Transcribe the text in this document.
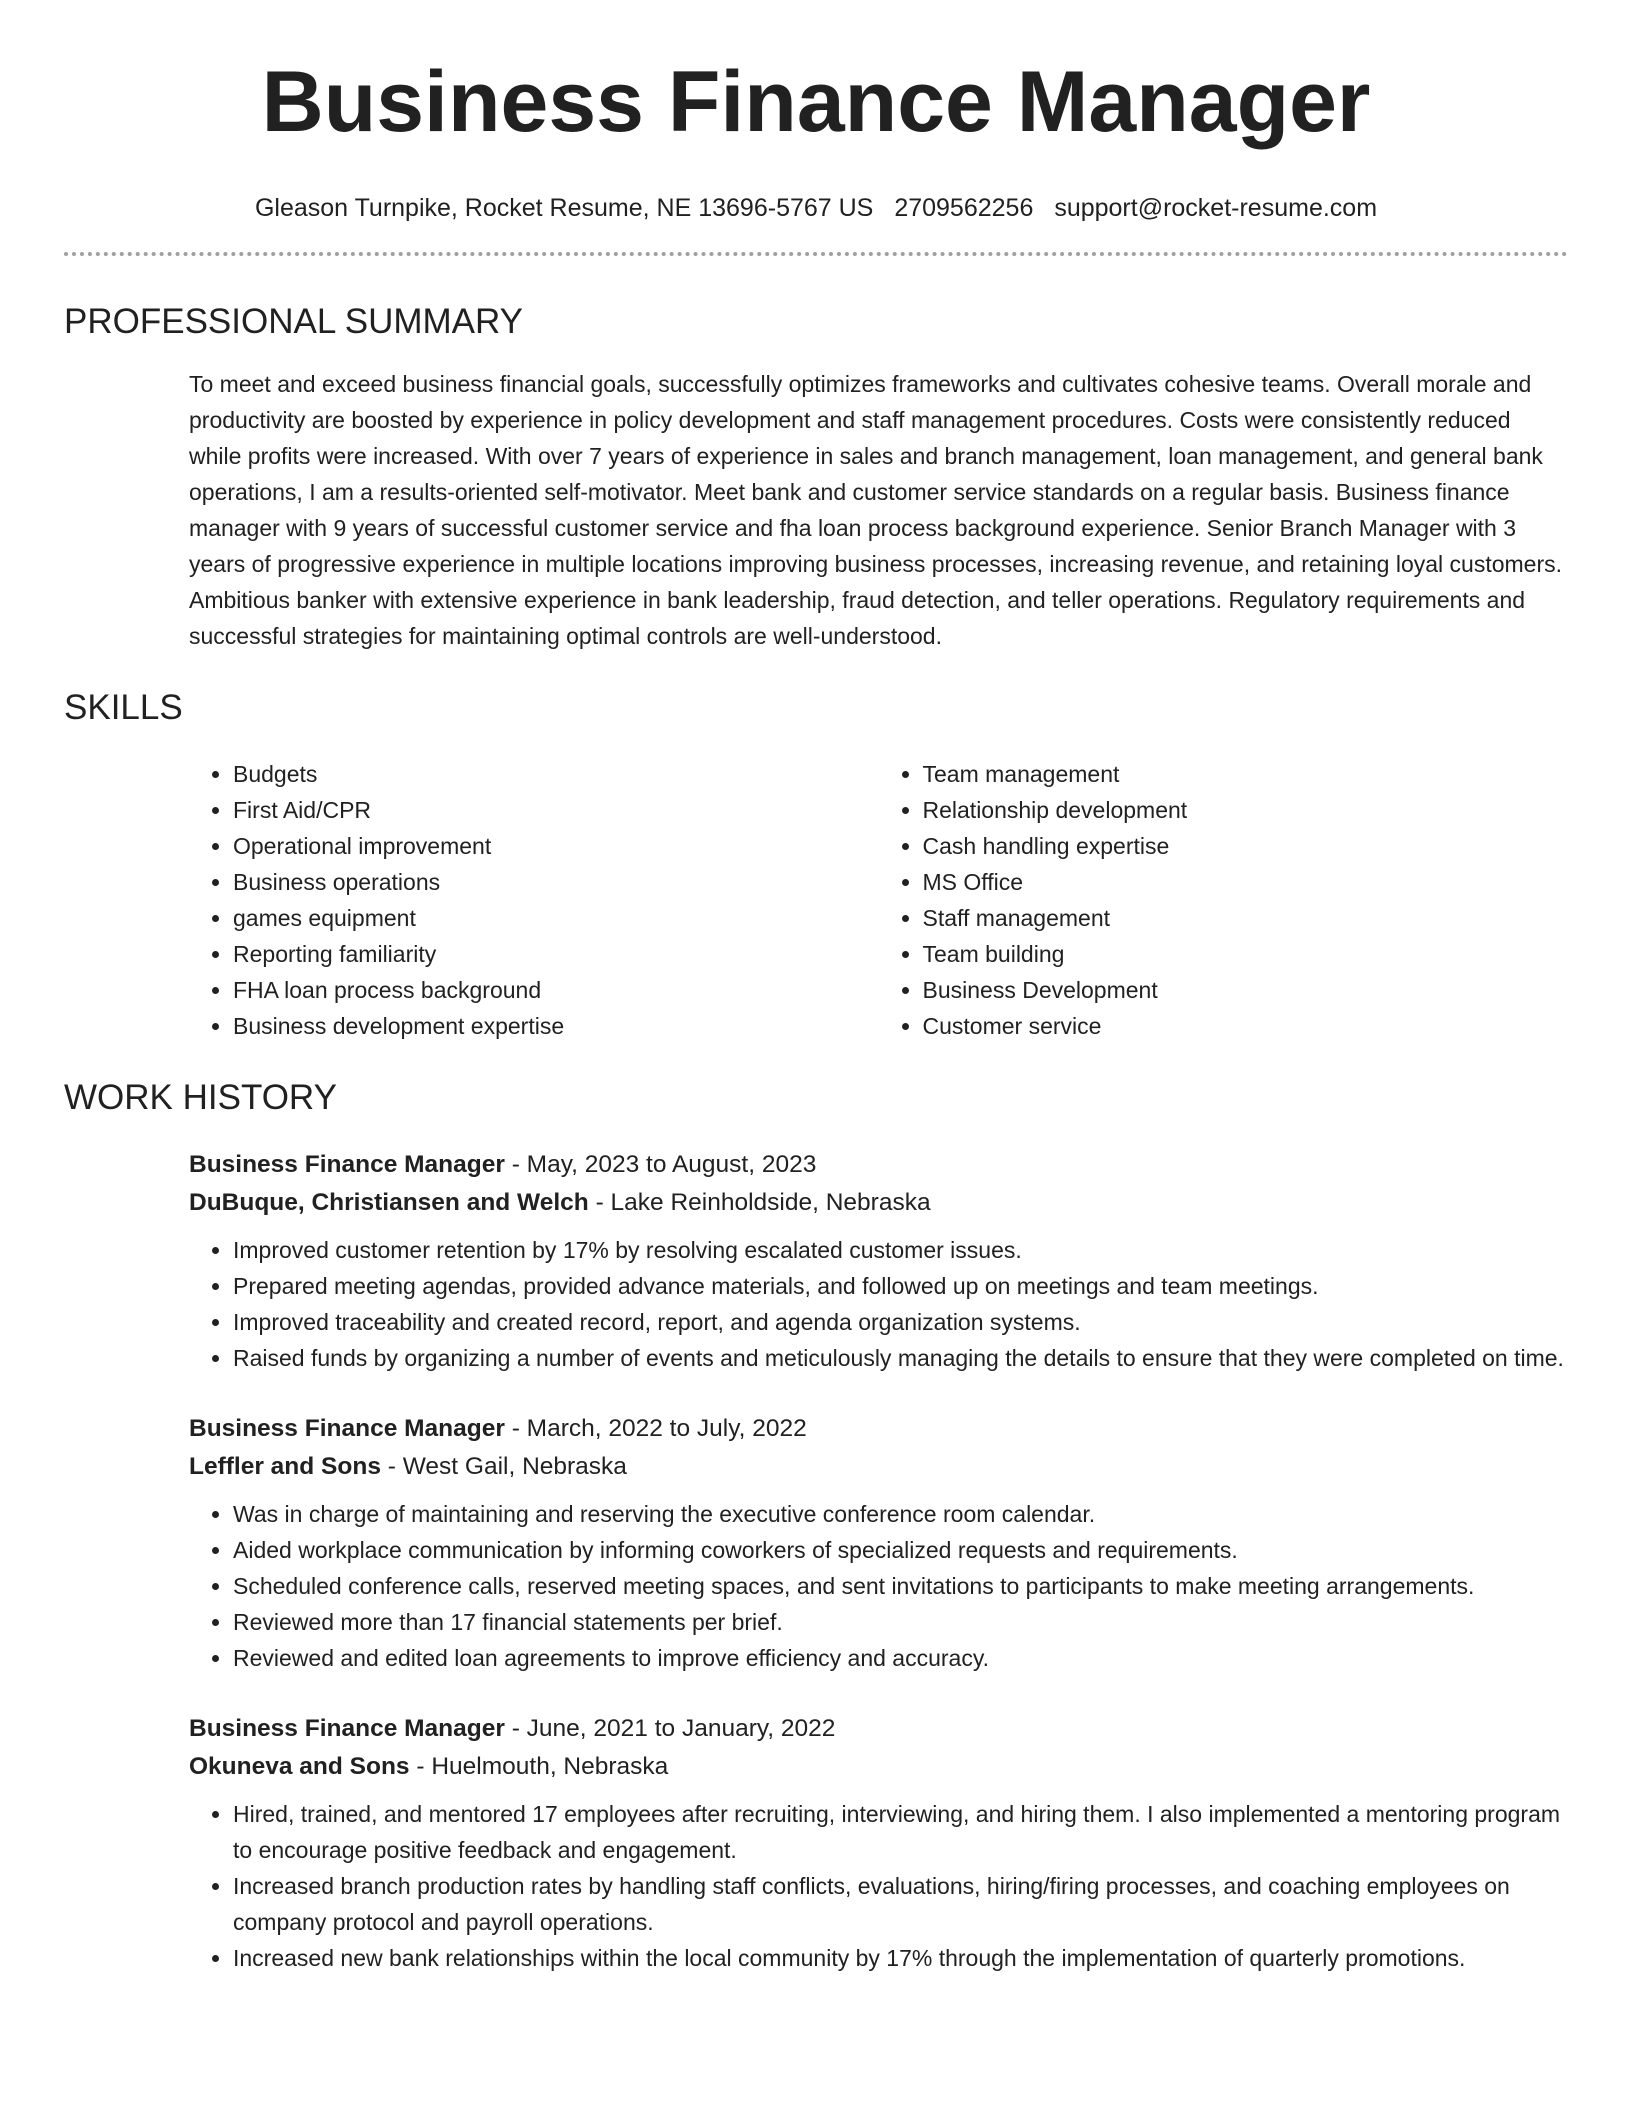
Business Finance Manager
Gleason Turnpike, Rocket Resume, NE 13696-5767 US 2709562256 support@rocket-resume.com
PROFESSIONAL SUMMARY

To meet and exceed business financial goals, successfully optimizes frameworks and cultivates cohesive teams. Overall morale and productivity are boosted by experience in policy development and staff management procedures. Costs were consistently reduced while profits were increased. With over 7 years of experience in sales and branch management, loan management, and general bank operations, I am a results-oriented self-motivator. Meet bank and customer service standards on a regular basis. Business finance manager with 9 years of successful customer service and fha loan process background experience. Senior Branch Manager with 3 years of progressive experience in multiple locations improving business processes, increasing revenue, and retaining loyal customers. Ambitious banker with extensive experience in bank leadership, fraud detection, and teller operations. Regulatory requirements and successful strategies for maintaining optimal controls are well-understood.

SKILLS
• Budgets
• First Aid/CPR
• Operational improvement
• Business operations
• games equipment
• Reporting familiarity
• FHA loan process background
• Business development expertise
• Team management
• Relationship development
• Cash handling expertise
• MS Office
• Staff management
• Team building
• Business Development
• Customer service
WORK HISTORY
Business Finance Manager - May, 2023 to August, 2023
DuBuque, Christiansen and Welch - Lake Reinholdside, Nebraska
• Improved customer retention by 17% by resolving escalated customer issues.
• Prepared meeting agendas, provided advance materials, and followed up on meetings and team meetings.
• Improved traceability and created record, report, and agenda organization systems.
• Raised funds by organizing a number of events and meticulously managing the details to ensure that they were completed on time.
Business Finance Manager - March, 2022 to July, 2022
Leffler and Sons - West Gail, Nebraska
• Was in charge of maintaining and reserving the executive conference room calendar.
• Aided workplace communication by informing coworkers of specialized requests and requirements.
• Scheduled conference calls, reserved meeting spaces, and sent invitations to participants to make meeting arrangements.
• Reviewed more than 17 financial statements per brief.
• Reviewed and edited loan agreements to improve efficiency and accuracy.
Business Finance Manager - June, 2021 to January, 2022
Okuneva and Sons - Huelmouth, Nebraska
• Hired, trained, and mentored 17 employees after recruiting, interviewing, and hiring them. I also implemented a mentoring program to encourage positive feedback and engagement.
• Increased branch production rates by handling staff conflicts, evaluations, hiring/firing processes, and coaching employees on company protocol and payroll operations.
• Increased new bank relationships within the local community by 17% through the implementation of quarterly promotions.
